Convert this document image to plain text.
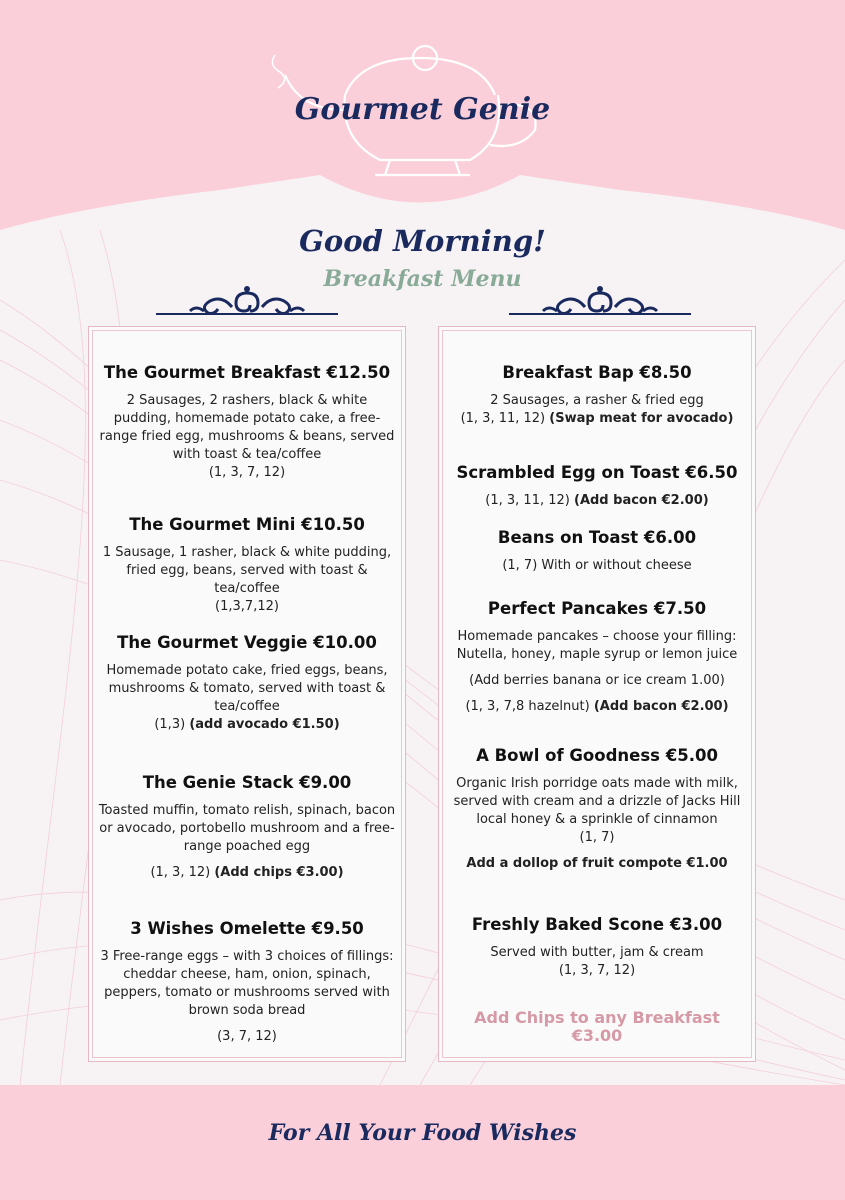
Gourmet Genie
Good Morning!
Breakfast Menu
The Gourmet Breakfast €12.50

2 Sausages, 2 rashers, black & white pudding, homemade potato cake, a free-range fried egg, mushrooms & beans, served with toast & tea/coffee

(1, 3, 7, 12)

The Gourmet Mini €10.50

1 Sausage, 1 rasher, black & white pudding, fried egg, beans, served with toast & tea/coffee

(1,3,7,12)

The Gourmet Veggie €10.00

Homemade potato cake, fried eggs, beans, mushrooms & tomato, served with toast & tea/coffee

(1,3) (add avocado €1.50)

The Genie Stack €9.00

Toasted muffin, tomato relish, spinach, bacon or avocado, portobello mushroom and a free-range poached egg

(1, 3, 12) (Add chips €3.00)

3 Wishes Omelette €9.50

3 Free-range eggs – with 3 choices of fillings: cheddar cheese, ham, onion, spinach, peppers, tomato or mushrooms served with brown soda bread

(3, 7, 12)

Breakfast Bap €8.50

2 Sausages, a rasher & fried egg

(1, 3, 11, 12) (Swap meat for avocado)

Scrambled Egg on Toast €6.50

(1, 3, 11, 12) (Add bacon €2.00)

Beans on Toast €6.00

(1, 7) With or without cheese

Perfect Pancakes €7.50

Homemade pancakes – choose your filling: Nutella, honey, maple syrup or lemon juice

(Add berries banana or ice cream 1.00)

(1, 3, 7,8 hazelnut) (Add bacon €2.00)

A Bowl of Goodness €5.00

Organic Irish porridge oats made with milk, served with cream and a drizzle of Jacks Hill local honey & a sprinkle of cinnamon

(1, 7)

Add a dollop of fruit compote €1.00

Freshly Baked Scone €3.00

Served with butter, jam & cream

(1, 3, 7, 12)

Add Chips to any Breakfast €3.00

For All Your Food Wishes
